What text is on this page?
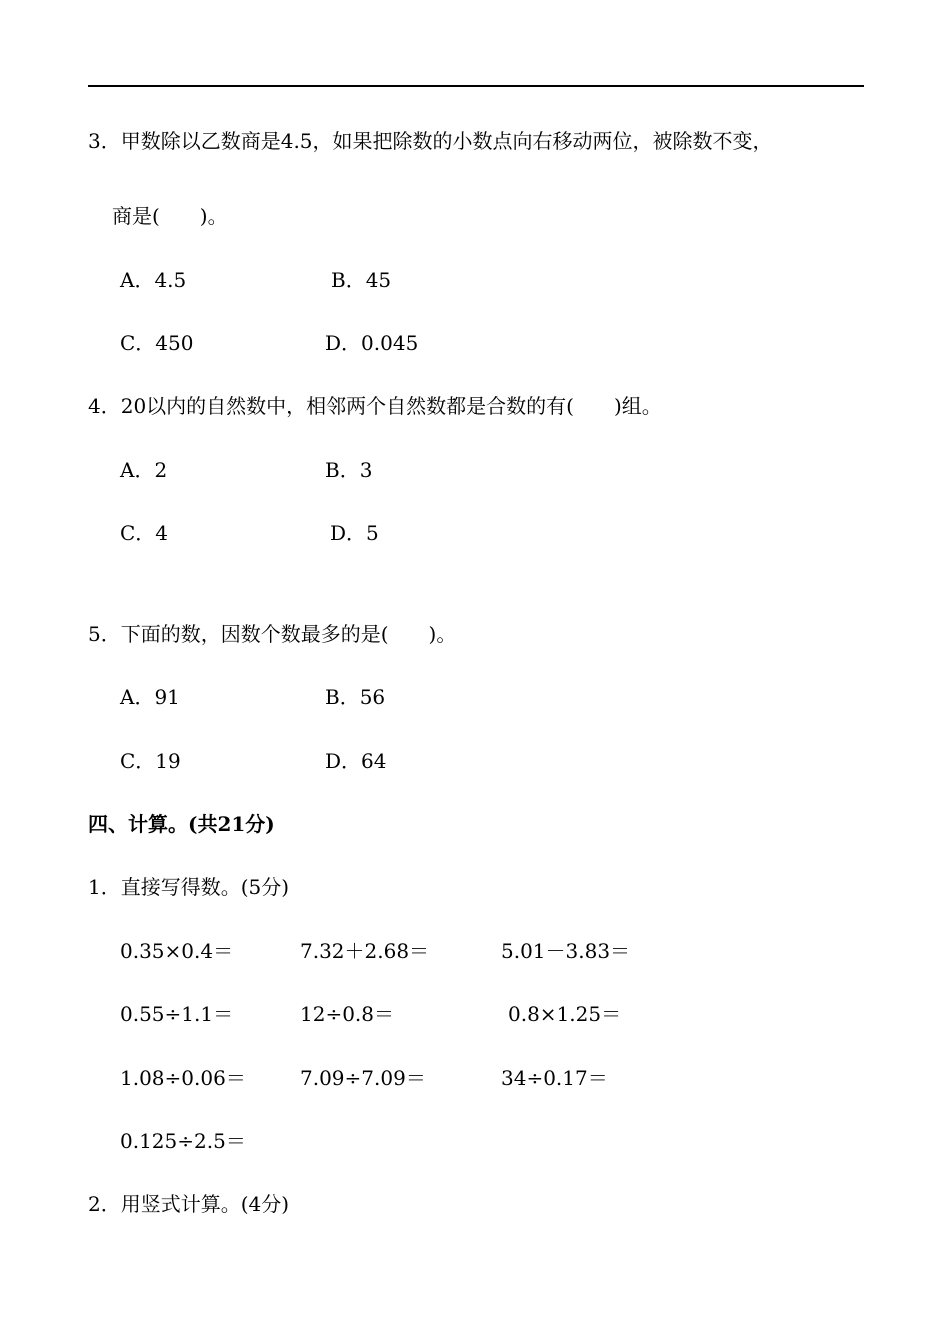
3．甲数除以乙数商是4.5，如果把除数的小数点向右移动两位，被除数不变，
商是(　　)。
A．4.5	B．45
C．450	D．0.045
4．20以内的自然数中，相邻两个自然数都是合数的有(　　)组。
A．2	B．3
C．4	D．5
5．下面的数，因数个数最多的是(　　)。
A．91	B．56
C．19	D．64
四、计算。(共21分)
1．直接写得数。(5分)
0.35×0.4＝	7.32＋2.68＝	5.01－3.83＝
0.55÷1.1＝	12÷0.8＝	0.8×1.25＝
1.08÷0.06＝	7.09÷7.09＝	34÷0.17＝
0.125÷2.5＝
2．用竖式计算。(4分)
